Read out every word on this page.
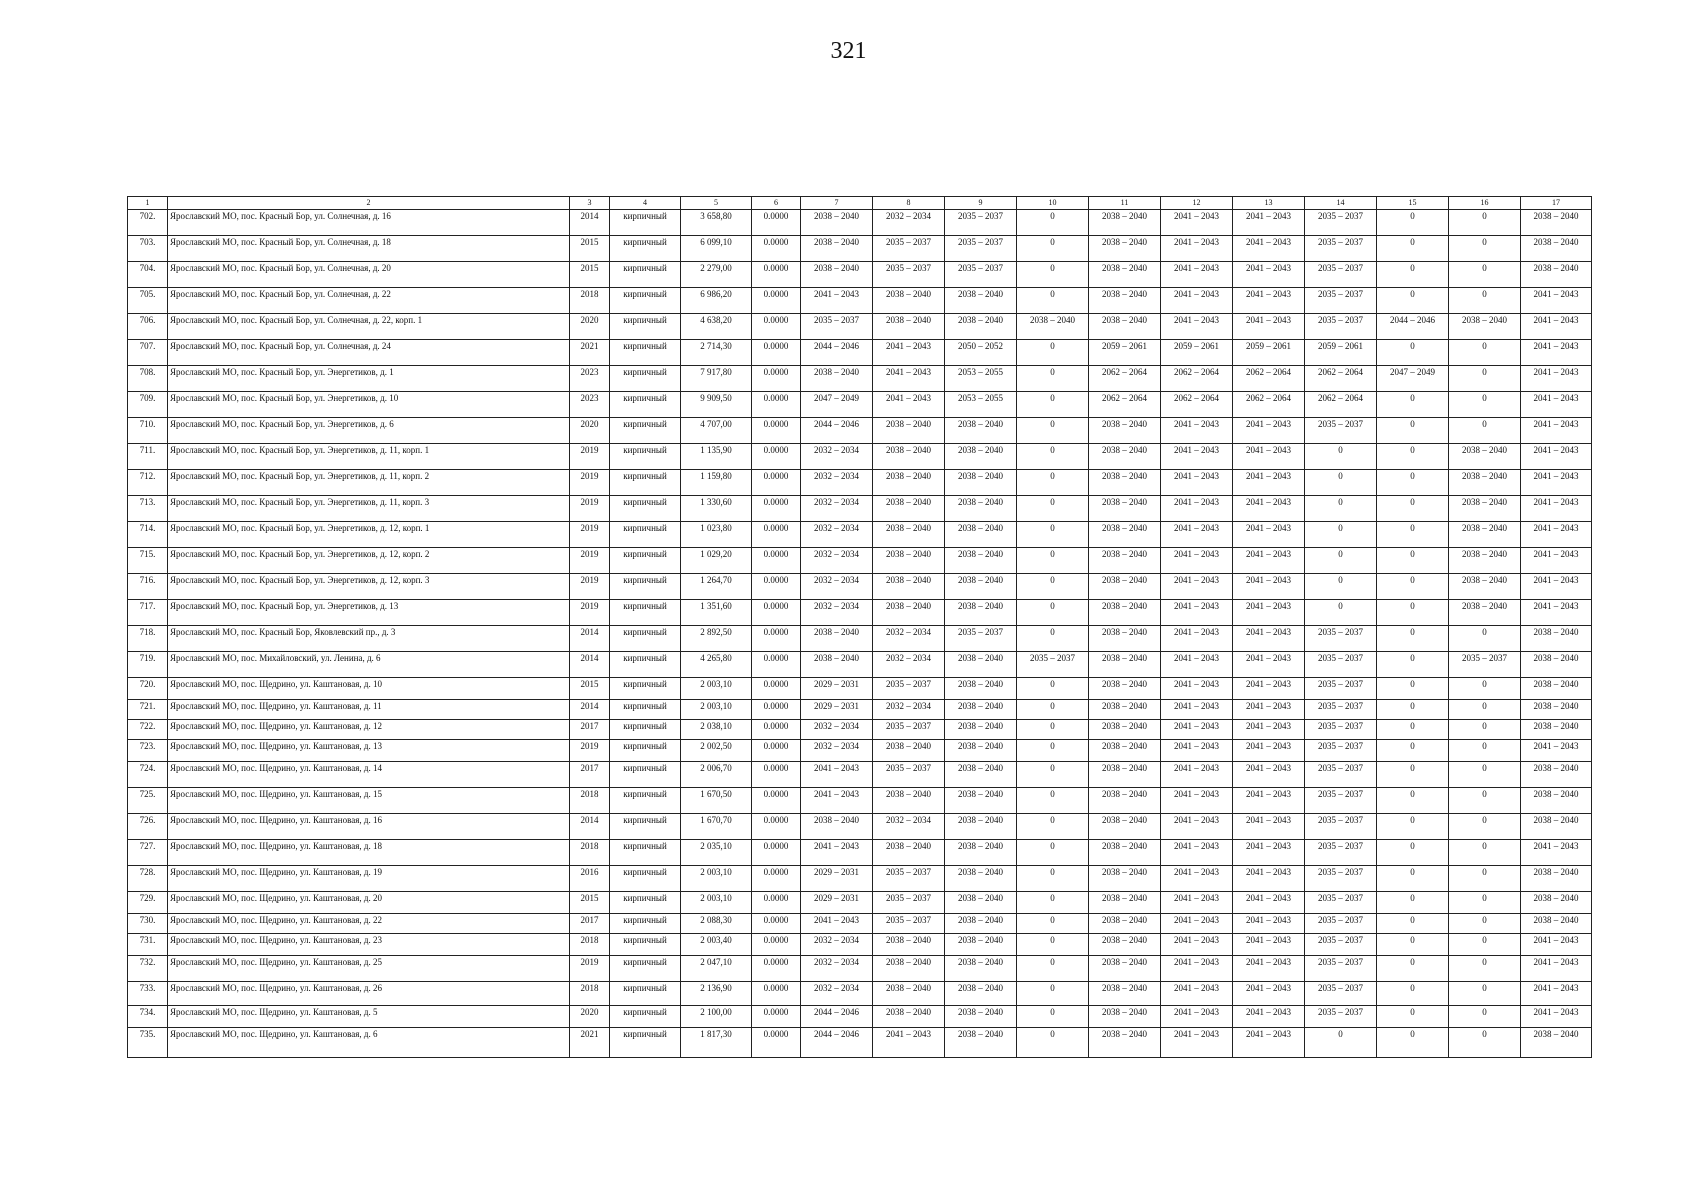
321
1	2	3	4	5	6	7	8	9	10	11	12	13	14	15	16	17
702.	Ярославский МО, пос. Красный Бор, ул. Солнечная, д. 16	2014	кирпичный	3 658,80	0.0000	2038 – 2040	2032 – 2034	2035 – 2037	0	2038 – 2040	2041 – 2043	2041 – 2043	2035 – 2037	0	0	2038 – 2040
703.	Ярославский МО, пос. Красный Бор, ул. Солнечная, д. 18	2015	кирпичный	6 099,10	0.0000	2038 – 2040	2035 – 2037	2035 – 2037	0	2038 – 2040	2041 – 2043	2041 – 2043	2035 – 2037	0	0	2038 – 2040
704.	Ярославский МО, пос. Красный Бор, ул. Солнечная, д. 20	2015	кирпичный	2 279,00	0.0000	2038 – 2040	2035 – 2037	2035 – 2037	0	2038 – 2040	2041 – 2043	2041 – 2043	2035 – 2037	0	0	2038 – 2040
705.	Ярославский МО, пос. Красный Бор, ул. Солнечная, д. 22	2018	кирпичный	6 986,20	0.0000	2041 – 2043	2038 – 2040	2038 – 2040	0	2038 – 2040	2041 – 2043	2041 – 2043	2035 – 2037	0	0	2041 – 2043
706.	Ярославский МО, пос. Красный Бор, ул. Солнечная, д. 22, корп. 1	2020	кирпичный	4 638,20	0.0000	2035 – 2037	2038 – 2040	2038 – 2040	2038 – 2040	2038 – 2040	2041 – 2043	2041 – 2043	2035 – 2037	2044 – 2046	2038 – 2040	2041 – 2043
707.	Ярославский МО, пос. Красный Бор, ул. Солнечная, д. 24	2021	кирпичный	2 714,30	0.0000	2044 – 2046	2041 – 2043	2050 – 2052	0	2059 – 2061	2059 – 2061	2059 – 2061	2059 – 2061	0	0	2041 – 2043
708.	Ярославский МО, пос. Красный Бор, ул. Энергетиков, д. 1	2023	кирпичный	7 917,80	0.0000	2038 – 2040	2041 – 2043	2053 – 2055	0	2062 – 2064	2062 – 2064	2062 – 2064	2062 – 2064	2047 – 2049	0	2041 – 2043
709.	Ярославский МО, пос. Красный Бор, ул. Энергетиков, д. 10	2023	кирпичный	9 909,50	0.0000	2047 – 2049	2041 – 2043	2053 – 2055	0	2062 – 2064	2062 – 2064	2062 – 2064	2062 – 2064	0	0	2041 – 2043
710.	Ярославский МО, пос. Красный Бор, ул. Энергетиков, д. 6	2020	кирпичный	4 707,00	0.0000	2044 – 2046	2038 – 2040	2038 – 2040	0	2038 – 2040	2041 – 2043	2041 – 2043	2035 – 2037	0	0	2041 – 2043
711.	Ярославский МО, пос. Красный Бор, ул. Энергетиков, д. 11, корп. 1	2019	кирпичный	1 135,90	0.0000	2032 – 2034	2038 – 2040	2038 – 2040	0	2038 – 2040	2041 – 2043	2041 – 2043	0	0	2038 – 2040	2041 – 2043
712.	Ярославский МО, пос. Красный Бор, ул. Энергетиков, д. 11, корп. 2	2019	кирпичный	1 159,80	0.0000	2032 – 2034	2038 – 2040	2038 – 2040	0	2038 – 2040	2041 – 2043	2041 – 2043	0	0	2038 – 2040	2041 – 2043
713.	Ярославский МО, пос. Красный Бор, ул. Энергетиков, д. 11, корп. 3	2019	кирпичный	1 330,60	0.0000	2032 – 2034	2038 – 2040	2038 – 2040	0	2038 – 2040	2041 – 2043	2041 – 2043	0	0	2038 – 2040	2041 – 2043
714.	Ярославский МО, пос. Красный Бор, ул. Энергетиков, д. 12, корп. 1	2019	кирпичный	1 023,80	0.0000	2032 – 2034	2038 – 2040	2038 – 2040	0	2038 – 2040	2041 – 2043	2041 – 2043	0	0	2038 – 2040	2041 – 2043
715.	Ярославский МО, пос. Красный Бор, ул. Энергетиков, д. 12, корп. 2	2019	кирпичный	1 029,20	0.0000	2032 – 2034	2038 – 2040	2038 – 2040	0	2038 – 2040	2041 – 2043	2041 – 2043	0	0	2038 – 2040	2041 – 2043
716.	Ярославский МО, пос. Красный Бор, ул. Энергетиков, д. 12, корп. 3	2019	кирпичный	1 264,70	0.0000	2032 – 2034	2038 – 2040	2038 – 2040	0	2038 – 2040	2041 – 2043	2041 – 2043	0	0	2038 – 2040	2041 – 2043
717.	Ярославский МО, пос. Красный Бор, ул. Энергетиков, д. 13	2019	кирпичный	1 351,60	0.0000	2032 – 2034	2038 – 2040	2038 – 2040	0	2038 – 2040	2041 – 2043	2041 – 2043	0	0	2038 – 2040	2041 – 2043
718.	Ярославский МО, пос. Красный Бор, Яковлевский пр., д. 3	2014	кирпичный	2 892,50	0.0000	2038 – 2040	2032 – 2034	2035 – 2037	0	2038 – 2040	2041 – 2043	2041 – 2043	2035 – 2037	0	0	2038 – 2040
719.	Ярославский МО, пос. Михайловский, ул. Ленина, д. 6	2014	кирпичный	4 265,80	0.0000	2038 – 2040	2032 – 2034	2038 – 2040	2035 – 2037	2038 – 2040	2041 – 2043	2041 – 2043	2035 – 2037	0	2035 – 2037	2038 – 2040
720.	Ярославский МО, пос. Щедрино, ул. Каштановая, д. 10	2015	кирпичный	2 003,10	0.0000	2029 – 2031	2035 – 2037	2038 – 2040	0	2038 – 2040	2041 – 2043	2041 – 2043	2035 – 2037	0	0	2038 – 2040
721.	Ярославский МО, пос. Щедрино, ул. Каштановая, д. 11	2014	кирпичный	2 003,10	0.0000	2029 – 2031	2032 – 2034	2038 – 2040	0	2038 – 2040	2041 – 2043	2041 – 2043	2035 – 2037	0	0	2038 – 2040
722.	Ярославский МО, пос. Щедрино, ул. Каштановая, д. 12	2017	кирпичный	2 038,10	0.0000	2032 – 2034	2035 – 2037	2038 – 2040	0	2038 – 2040	2041 – 2043	2041 – 2043	2035 – 2037	0	0	2038 – 2040
723.	Ярославский МО, пос. Щедрино, ул. Каштановая, д. 13	2019	кирпичный	2 002,50	0.0000	2032 – 2034	2038 – 2040	2038 – 2040	0	2038 – 2040	2041 – 2043	2041 – 2043	2035 – 2037	0	0	2041 – 2043
724.	Ярославский МО, пос. Щедрино, ул. Каштановая, д. 14	2017	кирпичный	2 006,70	0.0000	2041 – 2043	2035 – 2037	2038 – 2040	0	2038 – 2040	2041 – 2043	2041 – 2043	2035 – 2037	0	0	2038 – 2040
725.	Ярославский МО, пос. Щедрино, ул. Каштановая, д. 15	2018	кирпичный	1 670,50	0.0000	2041 – 2043	2038 – 2040	2038 – 2040	0	2038 – 2040	2041 – 2043	2041 – 2043	2035 – 2037	0	0	2038 – 2040
726.	Ярославский МО, пос. Щедрино, ул. Каштановая, д. 16	2014	кирпичный	1 670,70	0.0000	2038 – 2040	2032 – 2034	2038 – 2040	0	2038 – 2040	2041 – 2043	2041 – 2043	2035 – 2037	0	0	2038 – 2040
727.	Ярославский МО, пос. Щедрино, ул. Каштановая, д. 18	2018	кирпичный	2 035,10	0.0000	2041 – 2043	2038 – 2040	2038 – 2040	0	2038 – 2040	2041 – 2043	2041 – 2043	2035 – 2037	0	0	2041 – 2043
728.	Ярославский МО, пос. Щедрино, ул. Каштановая, д. 19	2016	кирпичный	2 003,10	0.0000	2029 – 2031	2035 – 2037	2038 – 2040	0	2038 – 2040	2041 – 2043	2041 – 2043	2035 – 2037	0	0	2038 – 2040
729.	Ярославский МО, пос. Щедрино, ул. Каштановая, д. 20	2015	кирпичный	2 003,10	0.0000	2029 – 2031	2035 – 2037	2038 – 2040	0	2038 – 2040	2041 – 2043	2041 – 2043	2035 – 2037	0	0	2038 – 2040
730.	Ярославский МО, пос. Щедрино, ул. Каштановая, д. 22	2017	кирпичный	2 088,30	0.0000	2041 – 2043	2035 – 2037	2038 – 2040	0	2038 – 2040	2041 – 2043	2041 – 2043	2035 – 2037	0	0	2038 – 2040
731.	Ярославский МО, пос. Щедрино, ул. Каштановая, д. 23	2018	кирпичный	2 003,40	0.0000	2032 – 2034	2038 – 2040	2038 – 2040	0	2038 – 2040	2041 – 2043	2041 – 2043	2035 – 2037	0	0	2041 – 2043
732.	Ярославский МО, пос. Щедрино, ул. Каштановая, д. 25	2019	кирпичный	2 047,10	0.0000	2032 – 2034	2038 – 2040	2038 – 2040	0	2038 – 2040	2041 – 2043	2041 – 2043	2035 – 2037	0	0	2041 – 2043
733.	Ярославский МО, пос. Щедрино, ул. Каштановая, д. 26	2018	кирпичный	2 136,90	0.0000	2032 – 2034	2038 – 2040	2038 – 2040	0	2038 – 2040	2041 – 2043	2041 – 2043	2035 – 2037	0	0	2041 – 2043
734.	Ярославский МО, пос. Щедрино, ул. Каштановая, д. 5	2020	кирпичный	2 100,00	0.0000	2044 – 2046	2038 – 2040	2038 – 2040	0	2038 – 2040	2041 – 2043	2041 – 2043	2035 – 2037	0	0	2041 – 2043
735.	Ярославский МО, пос. Щедрино, ул. Каштановая, д. 6	2021	кирпичный	1 817,30	0.0000	2044 – 2046	2041 – 2043	2038 – 2040	0	2038 – 2040	2041 – 2043	2041 – 2043	0	0	0	2038 – 2040
